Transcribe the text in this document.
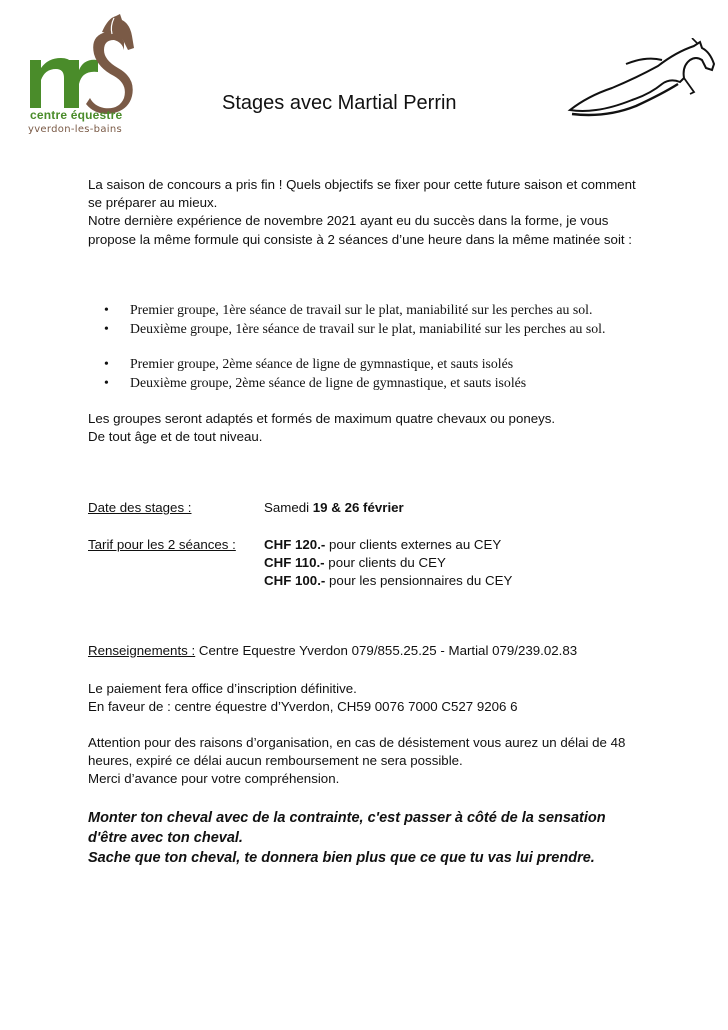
centre équestre
yverdon-les-bains
Stages avec Martial Perrin
La saison de concours a pris fin ! Quels objectifs se fixer pour cette future saison et comment
se préparer au mieux.
Notre dernière expérience de novembre 2021 ayant eu du succès dans la forme, je vous
propose la même formule qui consiste à 2 séances d’une heure dans la même matinée soit :
• Premier groupe, 1ère séance de travail sur le plat, maniabilité sur les perches au sol.
• Deuxième groupe, 1ère séance de travail sur le plat, maniabilité sur les perches au sol.
• Premier groupe, 2ème séance de ligne de gymnastique, et sauts isolés
• Deuxième groupe, 2ème séance de ligne de gymnastique, et sauts isolés
Les groupes seront adaptés et formés de maximum quatre chevaux ou poneys.
De tout âge et de tout niveau.
Date des stages :	Samedi 19 & 26 février
Tarif pour les 2 séances : CHF 120.- pour clients externes au CEY
CHF 110.- pour clients du CEY
CHF 100.- pour les pensionnaires du CEY
Renseignements : Centre Equestre Yverdon 079/855.25.25 - Martial 079/239.02.83
Le paiement fera office d’inscription définitive.
En faveur de : centre équestre d’Yverdon, CH59 0076 7000 C527 9206 6
Attention pour des raisons d’organisation, en cas de désistement vous aurez un délai de 48
heures, expiré ce délai aucun remboursement ne sera possible.
Merci d’avance pour votre compréhension.
Monter ton cheval avec de la contrainte, c'est passer à côté de la sensation
d'être avec ton cheval.
Sache que ton cheval, te donnera bien plus que ce que tu vas lui prendre.
